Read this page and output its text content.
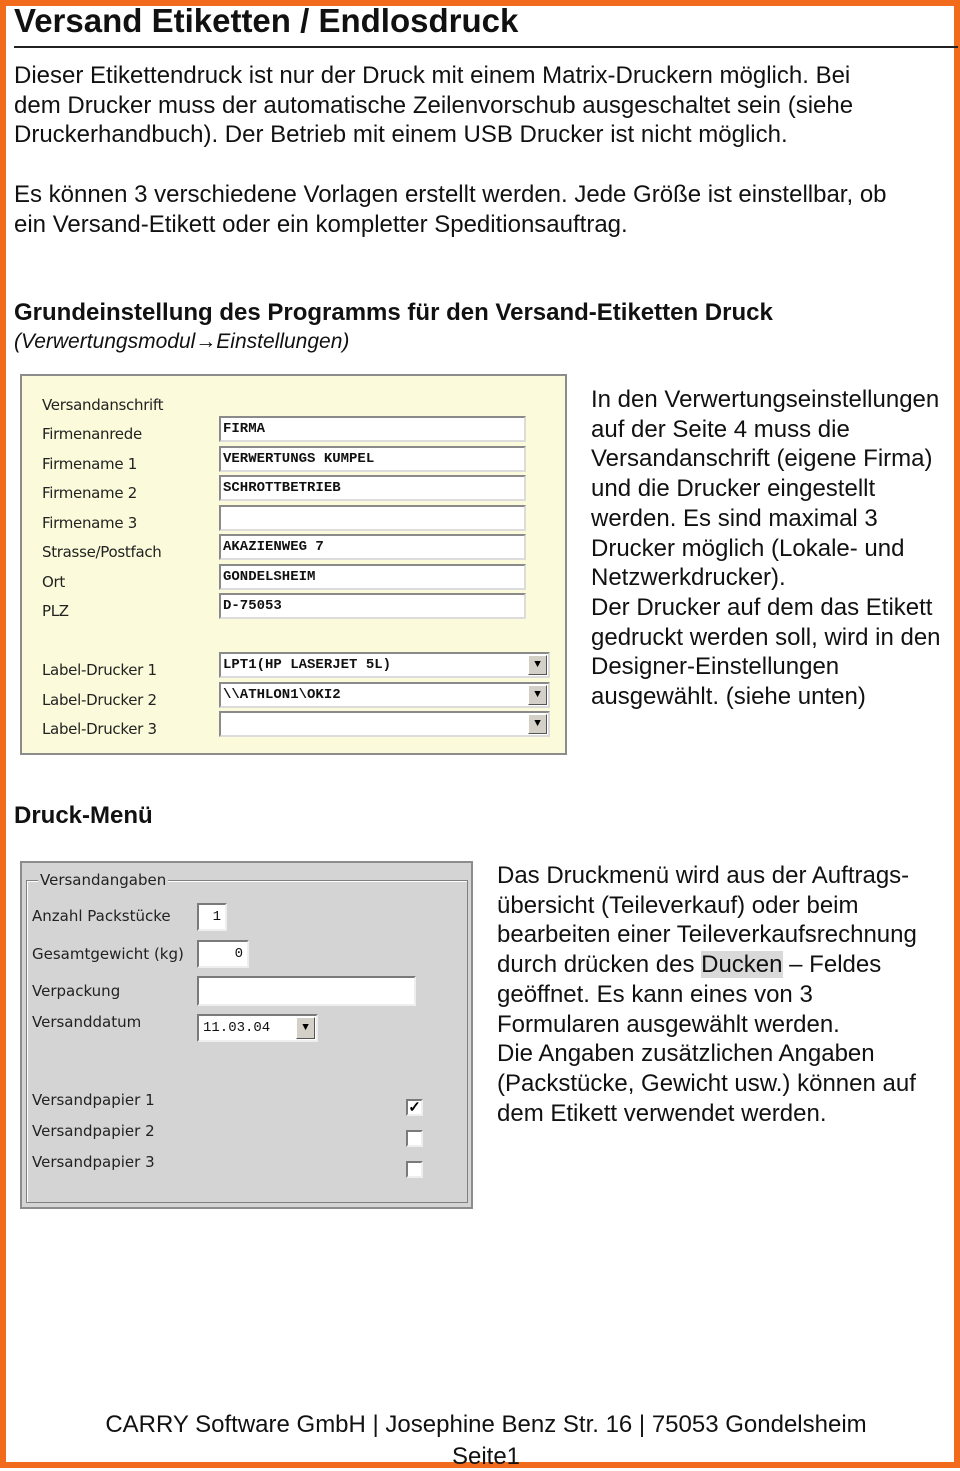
Versand Etiketten / Endlosdruck
Dieser Etikettendruck ist nur der Druck mit einem Matrix-Druckern möglich. Bei
dem Drucker muss der automatische Zeilenvorschub ausgeschaltet sein (siehe
Druckerhandbuch). Der Betrieb mit einem USB Drucker ist nicht möglich.
Es können 3 verschiedene Vorlagen erstellt werden. Jede Größe ist einstellbar, ob
ein Versand-Etikett oder ein kompletter Speditionsauftrag.
Grundeinstellung des Programms für den Versand-Etiketten Druck
(Verwertungsmodul→Einstellungen)
Versandanschrift
Firmenanrede	FIRMA
Firmename 1	VERWERTUNGS KUMPEL
Firmename 2	SCHROTTBETRIEB
Firmename 3
Strasse/Postfach	AKAZIENWEG 7
Ort	GONDELSHEIM
PLZ	D-75053
Label-Drucker 1	LPT1(HP LASERJET 5L)	▼
Label-Drucker 2	\\ATHLON1\OKI2	▼
Label-Drucker 3	▼
In den Verwertungseinstellungen
auf der Seite 4 muss die
Versandanschrift (eigene Firma)
und die Drucker eingestellt
werden. Es sind maximal 3
Drucker möglich (Lokale- und
Netzwerkdrucker).
Der Drucker auf dem das Etikett
gedruckt werden soll, wird in den
Designer-Einstellungen
ausgewählt. (siehe unten)
Druck-Menü
Versandangaben
Anzahl Packstücke	1
Gesamtgewicht (kg)	0
Verpackung
Versanddatum	11.03.04	▼
Versandpapier 1	✓
Versandpapier 2
Versandpapier 3
Das Druckmenü wird aus der Auftrags-
übersicht (Teileverkauf) oder beim
bearbeiten einer Teileverkaufsrechnung
durch drücken des Ducken – Feldes
geöffnet. Es kann eines von 3
Formularen ausgewählt werden.
Die Angaben zusätzlichen Angaben
(Packstücke, Gewicht usw.) können auf
dem Etikett verwendet werden.
CARRY Software GmbH | Josephine Benz Str. 16 | 75053 Gondelsheim
Seite1
